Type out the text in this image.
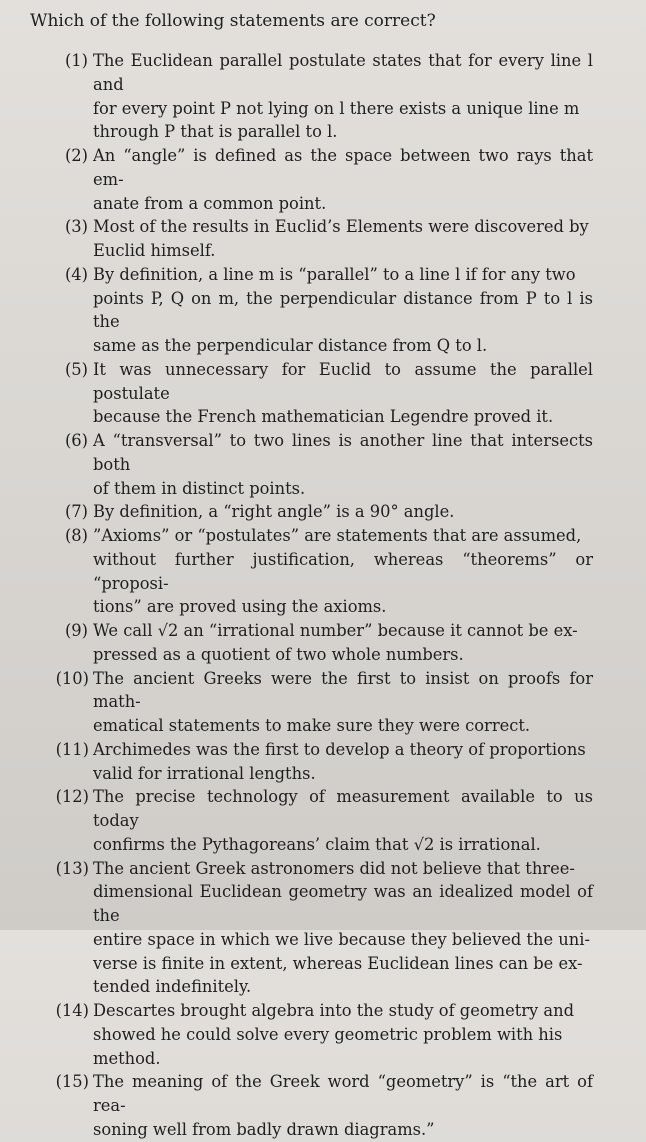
Which of the following statements are correct?
(1) The Euclidean parallel postulate states that for every line l and
for every point P not lying on l there exists a unique line m
through P that is parallel to l.
(2) An “angle” is defined as the space between two rays that em-
anate from a common point.
(3) Most of the results in Euclid’s Elements were discovered by
Euclid himself.
(4) By definition, a line m is “parallel” to a line l if for any two
points P, Q on m, the perpendicular distance from P to l is the
same as the perpendicular distance from Q to l.
(5) It was unnecessary for Euclid to assume the parallel postulate
because the French mathematician Legendre proved it.
(6) A “transversal” to two lines is another line that intersects both
of them in distinct points.
(7) By definition, a “right angle” is a 90° angle.
(8) ”Axioms” or “postulates” are statements that are assumed,
without further justification, whereas “theorems” or “proposi-
tions” are proved using the axioms.
(9) We call √2 an “irrational number” because it cannot be ex-
pressed as a quotient of two whole numbers.
(10) The ancient Greeks were the first to insist on proofs for math-
ematical statements to make sure they were correct.
(11) Archimedes was the first to develop a theory of proportions
valid for irrational lengths.
(12) The precise technology of measurement available to us today
confirms the Pythagoreans’ claim that √2 is irrational.
(13) The ancient Greek astronomers did not believe that three-
dimensional Euclidean geometry was an idealized model of the
entire space in which we live because they believed the uni-
verse is finite in extent, whereas Euclidean lines can be ex-
tended indefinitely.
(14) Descartes brought algebra into the study of geometry and
showed he could solve every geometric problem with his
method.
(15) The meaning of the Greek word “geometry” is “the art of rea-
soning well from badly drawn diagrams.”
